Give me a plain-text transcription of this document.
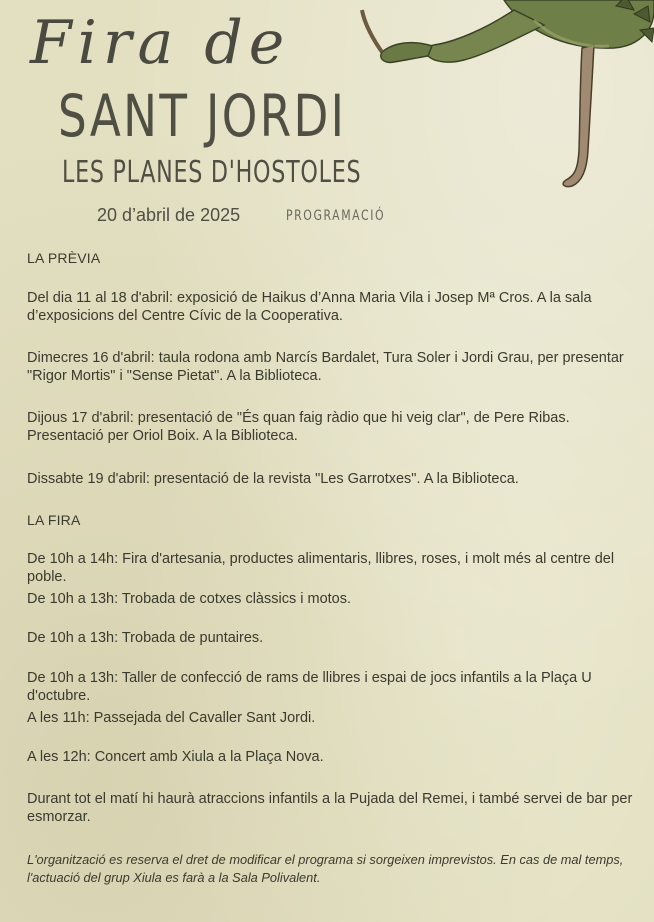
Fira de
SANT JORDI
LES PLANES D'HOSTOLES
20 d’abril de 2025	PROGRAMACIÓ
LA PRÈVIA
Del dia 11 al 18 d'abril: exposició de Haikus d’Anna Maria Vila i Josep Mª Cros. A la sala d’exposicions del Centre Cívic de la Cooperativa.
Dimecres 16 d'abril: taula rodona amb Narcís Bardalet, Tura Soler i Jordi Grau, per presentar "Rigor Mortis" i "Sense Pietat". A la Biblioteca.
Dijous 17 d'abril: presentació de "És quan faig ràdio que hi veig clar", de Pere Ribas. Presentació per Oriol Boix. A la Biblioteca.
Dissabte 19 d'abril: presentació de la revista "Les Garrotxes". A la Biblioteca.
LA FIRA
De 10h a 14h: Fira d'artesania, productes alimentaris, llibres, roses, i molt més al centre del poble.
De 10h a 13h: Trobada de cotxes clàssics i motos.
De 10h a 13h: Trobada de puntaires.
De 10h a 13h: Taller de confecció de rams de llibres i espai de jocs infantils a la Plaça U d'octubre.
A les 11h: Passejada del Cavaller Sant Jordi.
A les 12h: Concert amb Xiula a la Plaça Nova.
Durant tot el matí hi haurà atraccions infantils a la Pujada del Remei, i també servei de bar per esmorzar.
L'organització es reserva el dret de modificar el programa si sorgeixen imprevistos. En cas de mal temps, l'actuació del grup Xiula es farà a la Sala Polivalent.
